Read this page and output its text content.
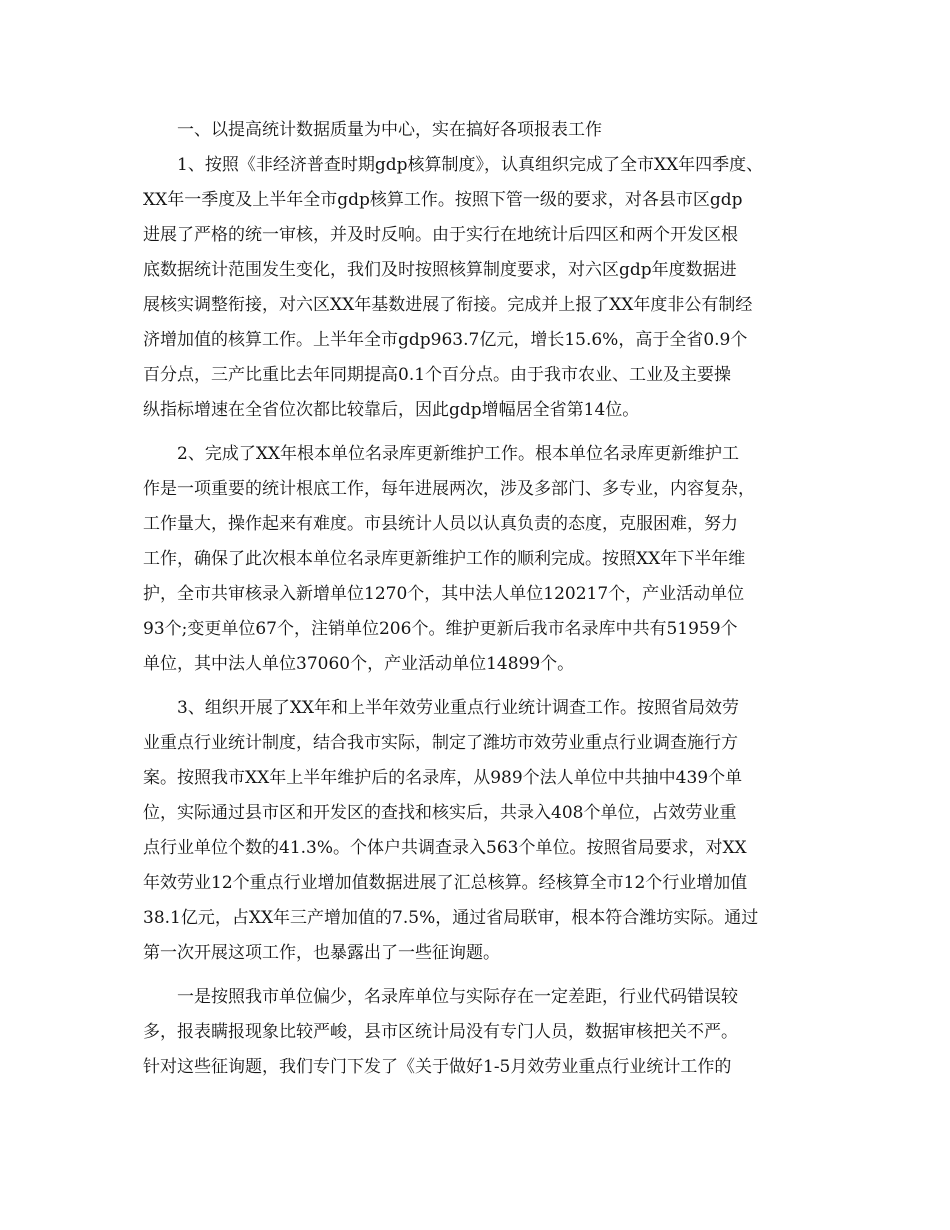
一、以提高统计数据质量为中心，实在搞好各项报表工作
1、按照《非经济普查时期gdp核算制度》，认真组织完成了全市XX年四季度、
XX年一季度及上半年全市gdp核算工作。按照下管一级的要求，对各县市区gdp
进展了严格的统一审核，并及时反响。由于实行在地统计后四区和两个开发区根
底数据统计范围发生变化，我们及时按照核算制度要求，对六区gdp年度数据进
展核实调整衔接，对六区XX年基数进展了衔接。完成并上报了XX年度非公有制经
济增加值的核算工作。上半年全市gdp963.7亿元，增长15.6%，高于全省0.9个
百分点，三产比重比去年同期提高0.1个百分点。由于我市农业、工业及主要操
纵指标增速在全省位次都比较靠后，因此gdp增幅居全省第14位。
2、完成了XX年根本单位名录库更新维护工作。根本单位名录库更新维护工
作是一项重要的统计根底工作，每年进展两次，涉及多部门、多专业，内容复杂，
工作量大，操作起来有难度。市县统计人员以认真负责的态度，克服困难，努力
工作，确保了此次根本单位名录库更新维护工作的顺利完成。按照XX年下半年维
护，全市共审核录入新增单位1270个，其中法人单位120217个，产业活动单位
93个;变更单位67个，注销单位206个。维护更新后我市名录库中共有51959个
单位，其中法人单位37060个，产业活动单位14899个。
3、组织开展了XX年和上半年效劳业重点行业统计调查工作。按照省局效劳
业重点行业统计制度，结合我市实际，制定了潍坊市效劳业重点行业调查施行方
案。按照我市XX年上半年维护后的名录库，从989个法人单位中共抽中439个单
位，实际通过县市区和开发区的查找和核实后，共录入408个单位，占效劳业重
点行业单位个数的41.3%。个体户共调查录入563个单位。按照省局要求，对XX
年效劳业12个重点行业增加值数据进展了汇总核算。经核算全市12个行业增加值
38.1亿元，占XX年三产增加值的7.5%，通过省局联审，根本符合潍坊实际。通过
第一次开展这项工作，也暴露出了一些征询题。
一是按照我市单位偏少，名录库单位与实际存在一定差距，行业代码错误较
多，报表瞒报现象比较严峻，县市区统计局没有专门人员，数据审核把关不严。
针对这些征询题，我们专门下发了《关于做好1-5月效劳业重点行业统计工作的
